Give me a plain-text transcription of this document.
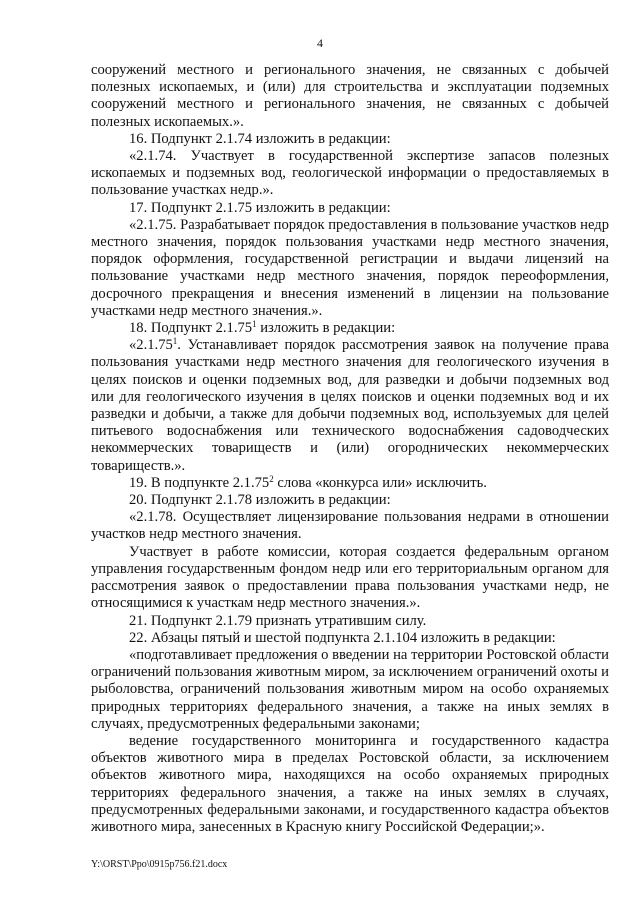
4

сооружений местного и регионального значения, не связанных с добычей полезных ископаемых, и (или) для строительства и эксплуатации подземных сооружений местного и регионального значения, не связанных с добычей полезных ископаемых.».

16. Подпункт 2.1.74 изложить в редакции:

«2.1.74. Участвует в государственной экспертизе запасов полезных ископаемых и подземных вод, геологической информации о предоставляемых в пользование участках недр.».

17. Подпункт 2.1.75 изложить в редакции:

«2.1.75. Разрабатывает порядок предоставления в пользование участков недр местного значения, порядок пользования участками недр местного значения, порядок оформления, государственной регистрации и выдачи лицензий на пользование участками недр местного значения, порядок переоформления, досрочного прекращения и внесения изменений в лицензии на пользование участками недр местного значения.».

18. Подпункт 2.1.75$^1$ изложить в редакции:

«2.1.75$^1$. Устанавливает порядок рассмотрения заявок на получение права пользования участками недр местного значения для геологического изучения в целях поисков и оценки подземных вод, для разведки и добычи подземных вод или для геологического изучения в целях поисков и оценки подземных вод и их разведки и добычи, а также для добычи подземных вод, используемых для целей питьевого водоснабжения или технического водоснабжения садоводческих некоммерческих товариществ и (или) огороднических некоммерческих товариществ.».

19. В подпункте 2.1.75$^2$ слова «конкурса или» исключить.

20. Подпункт 2.1.78 изложить в редакции:

«2.1.78. Осуществляет лицензирование пользования недрами в отношении участков недр местного значения.

Участвует в работе комиссии, которая создается федеральным органом управления государственным фондом недр или его территориальным органом для рассмотрения заявок о предоставлении права пользования участками недр, не относящимися к участкам недр местного значения.».

21. Подпункт 2.1.79 признать утратившим силу.

22. Абзацы пятый и шестой подпункта 2.1.104 изложить в редакции:

«подготавливает предложения о введении на территории Ростовской области ограничений пользования животным миром, за исключением ограничений охоты и рыболовства, ограничений пользования животным миром на особо охраняемых природных территориях федерального значения, а также на иных землях в случаях, предусмотренных федеральными законами;

ведение государственного мониторинга и государственного кадастра объектов животного мира в пределах Ростовской области, за исключением объектов животного мира, находящихся на особо охраняемых природных территориях федерального значения, а также на иных землях в случаях, предусмотренных федеральными законами, и государственного кадастра объектов животного мира, занесенных в Красную книгу Российской Федерации;».

Y:\ORST\Ppo\0915p756.f21.docx
